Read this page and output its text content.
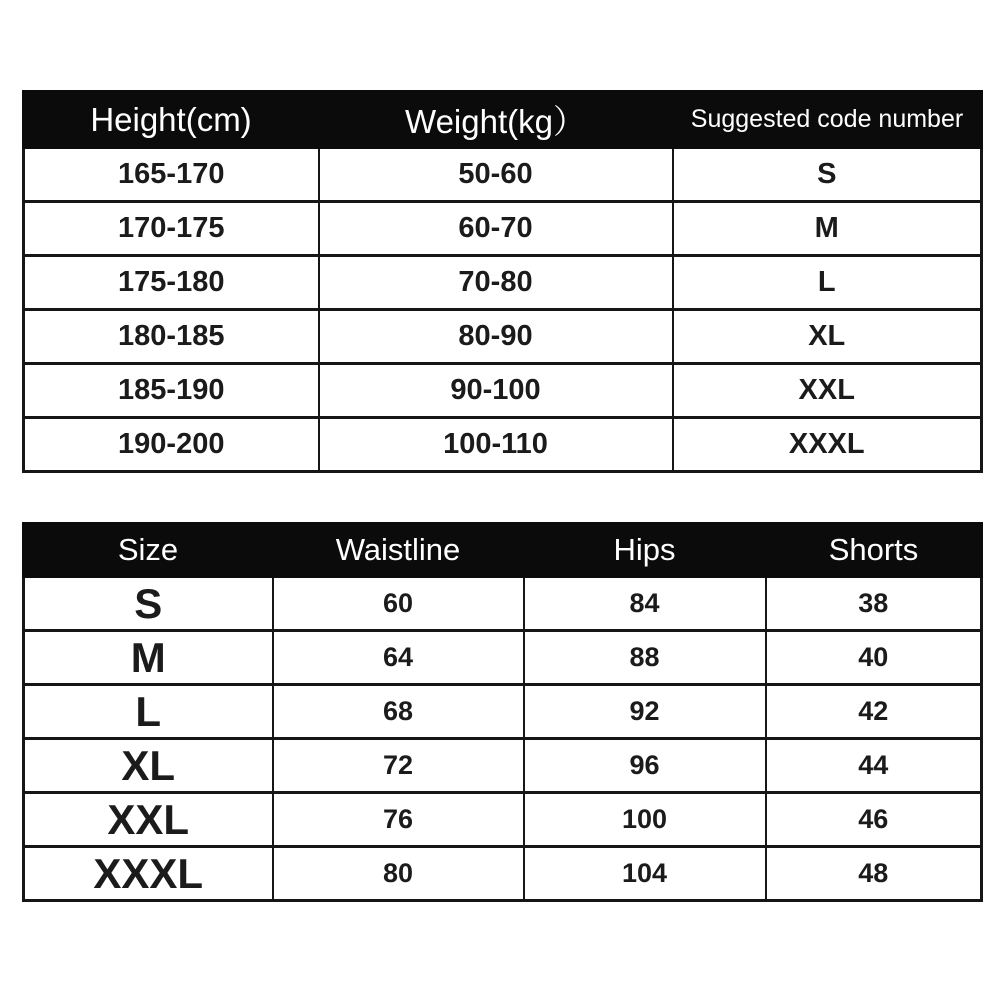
Height(cm)	Weight(kg）	Suggested code number
165-170	50-60	S
170-175	60-70	M
175-180	70-80	L
180-185	80-90	XL
185-190	90-100	XXL
190-200	100-110	XXXL
Size	Waistline	Hips	Shorts
S	60	84	38
M	64	88	40
L	68	92	42
XL	72	96	44
XXL	76	100	46
XXXL	80	104	48
